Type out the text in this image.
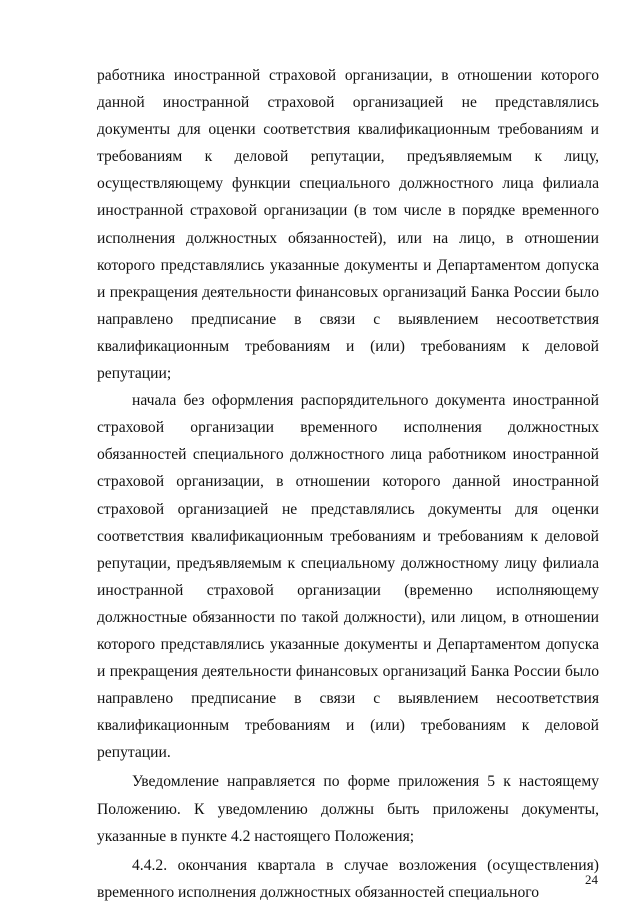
работника иностранной страховой организации, в отношении которого данной иностранной страховой организацией не представлялись документы для оценки соответствия квалификационным требованиям и требованиям к деловой репутации, предъявляемым к лицу, осуществляющему функции специального должностного лица филиала иностранной страховой организации (в том числе в порядке временного исполнения должностных обязанностей), или на лицо, в отношении которого представлялись указанные документы и Департаментом допуска и прекращения деятельности финансовых организаций Банка России было направлено предписание в связи с выявлением несоответствия квалификационным требованиям и (или) требованиям к деловой репутации;

начала без оформления распорядительного документа иностранной страховой организации временного исполнения должностных обязанностей специального должностного лица работником иностранной страховой организации, в отношении которого данной иностранной страховой организацией не представлялись документы для оценки соответствия квалификационным требованиям и требованиям к деловой репутации, предъявляемым к специальному должностному лицу филиала иностранной страховой организации (временно исполняющему должностные обязанности по такой должности), или лицом, в отношении которого представлялись указанные документы и Департаментом допуска и прекращения деятельности финансовых организаций Банка России было направлено предписание в связи с выявлением несоответствия квалификационным требованиям и (или) требованиям к деловой репутации.

Уведомление направляется по форме приложения 5 к настоящему Положению. К уведомлению должны быть приложены документы, указанные в пункте 4.2 настоящего Положения;

4.4.2. окончания квартала в случае возложения (осуществления) временного исполнения должностных обязанностей специального

24
